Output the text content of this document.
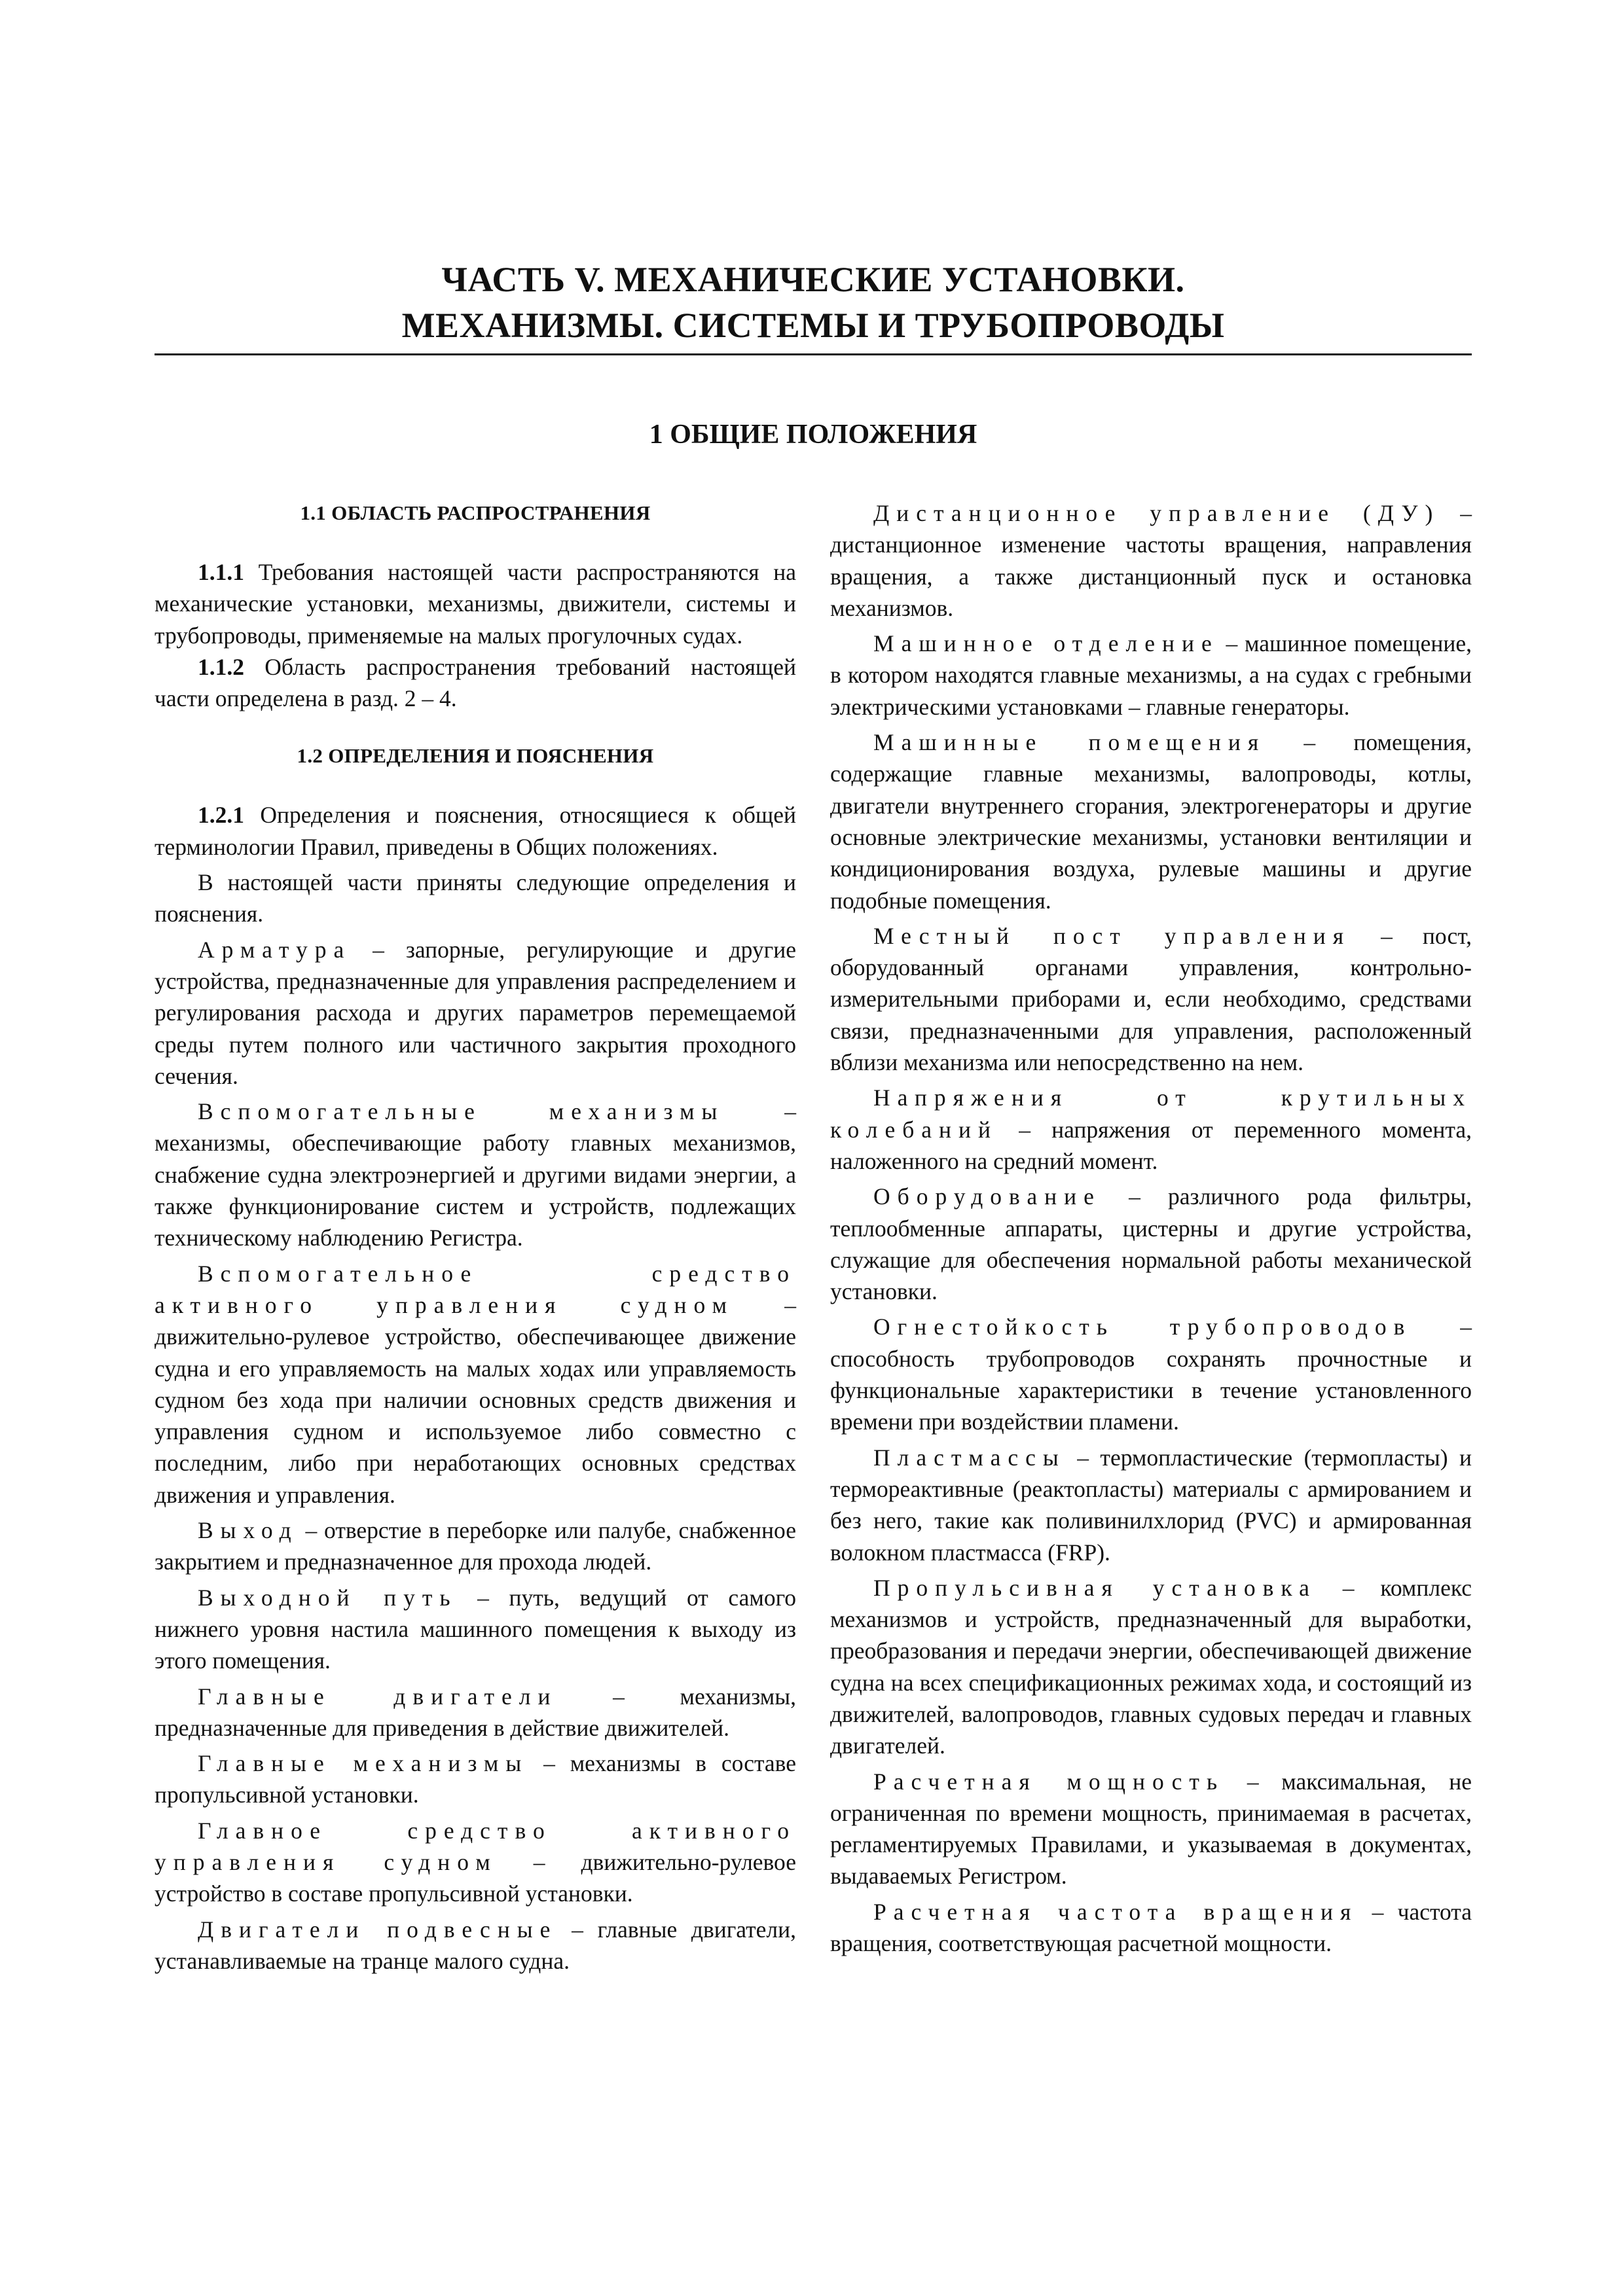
ЧАСТЬ V. МЕХАНИЧЕСКИЕ УСТАНОВКИ.
МЕХАНИЗМЫ. СИСТЕМЫ И ТРУБОПРОВОДЫ
1 ОБЩИЕ ПОЛОЖЕНИЯ
1.1 ОБЛАСТЬ РАСПРОСТРАНЕНИЯ

1.1.1 Требования настоящей части распространяются на механические установки, механизмы, движители, системы и трубопроводы, применяемые на малых прогулочных судах.

1.1.2 Область распространения требований настоящей части определена в разд. 2 – 4.

1.2 ОПРЕДЕЛЕНИЯ И ПОЯСНЕНИЯ

1.2.1 Определения и пояснения, относящиеся к общей терминологии Правил, приведены в Общих положениях.

В настоящей части приняты следующие определения и пояснения.

Арматура – запорные, регулирующие и другие устройства, предназначенные для управления распределением и регулирования расхода и других параметров перемещаемой среды путем полного или частичного закрытия проходного сечения.

Вспомогательные механизмы – механизмы, обеспечивающие работу главных механизмов, снабжение судна электроэнергией и другими видами энергии, а также функционирование систем и устройств, подлежащих техническому наблюдению Регистра.

Вспомогательное средство активного управления судном – движительно-рулевое устройство, обеспечивающее движение судна и его управляемость на малых ходах или управляемость судном без хода при наличии основных средств движения и управления судном и используемое либо совместно с последним, либо при неработающих основных средствах движения и управления.

Выход – отверстие в переборке или палубе, снабженное закрытием и предназначенное для прохода людей.

Выходной путь – путь, ведущий от самого нижнего уровня настила машинного помещения к выходу из этого помещения.

Главные двигатели – механизмы, предназначенные для приведения в действие движителей.

Главные механизмы – механизмы в составе пропульсивной установки.

Главное средство активного управления судном – движительно-рулевое устройство в составе пропульсивной установки.

Двигатели подвесные – главные двигатели, устанавливаемые на транце малого судна.

Дистанционное управление (ДУ) – дистанционное изменение частоты вращения, направления вращения, а также дистанционный пуск и остановка механизмов.

Машинное отделение – машинное помещение, в котором находятся главные механизмы, а на судах с гребными электрическими установками – главные генераторы.

Машинные помещения – помещения, содержащие главные механизмы, валопроводы, котлы, двигатели внутреннего сгорания, электрогенераторы и другие основные электрические механизмы, установки вентиляции и кондиционирования воздуха, рулевые машины и другие подобные помещения.

Местный пост управления – пост, оборудованный органами управления, контрольно-измерительными приборами и, если необходимо, средствами связи, предназначенными для управления, расположенный вблизи механизма или непосредственно на нем.

Напряжения от крутильных колебаний – напряжения от переменного момента, наложенного на средний момент.

Оборудование – различного рода фильтры, теплообменные аппараты, цистерны и другие устройства, служащие для обеспечения нормальной работы механической установки.

Огнестойкость трубопроводов – способность трубопроводов сохранять прочностные и функциональные характеристики в течение установленного времени при воздействии пламени.

Пластмассы – термопластические (термопласты) и термореактивные (реактопласты) материалы с армированием и без него, такие как поливинилхлорид (PVC) и армированная волокном пластмасса (FRP).

Пропульсивная установка – комплекс механизмов и устройств, предназначенный для выработки, преобразования и передачи энергии, обеспечивающей движение судна на всех спецификационных режимах хода, и состоящий из движителей, валопроводов, главных судовых передач и главных двигателей.

Расчетная мощность – максимальная, не ограниченная по времени мощность, принимаемая в расчетах, регламентируемых Правилами, и указываемая в документах, выдаваемых Регистром.

Расчетная частота вращения – частота вращения, соответствующая расчетной мощности.
